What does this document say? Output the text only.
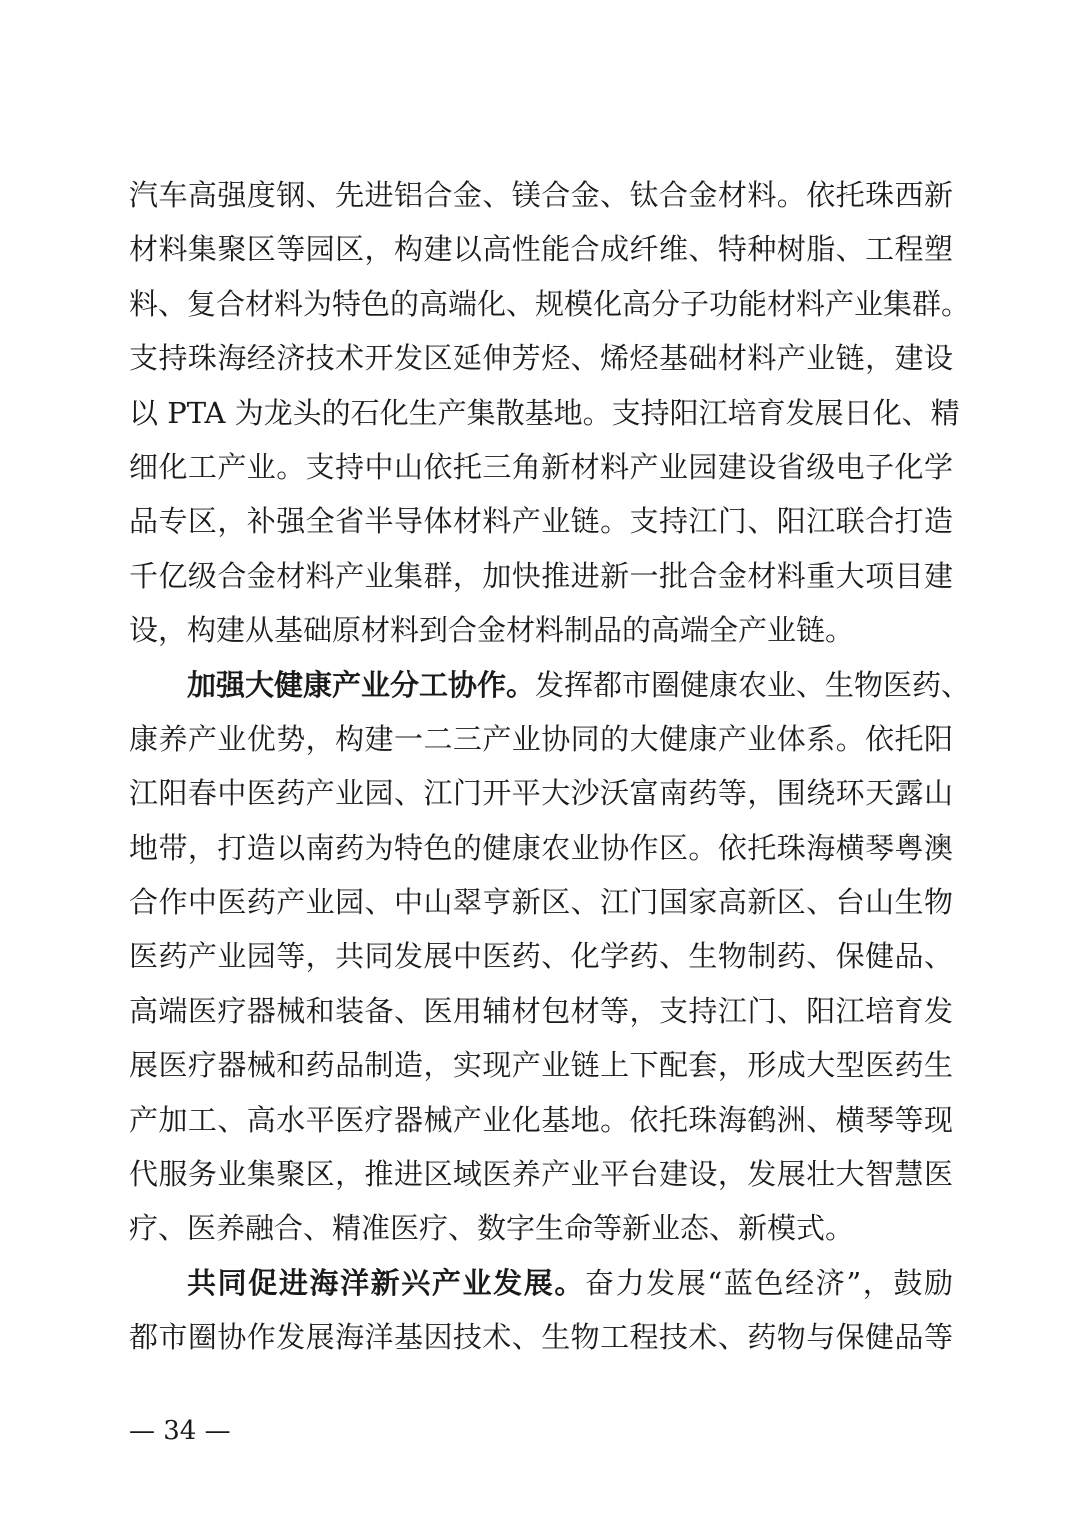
汽车高强度钢、先进铝合金、镁合金、钛合金材料。依托珠西新
材料集聚区等园区，构建以高性能合成纤维、特种树脂、工程塑
料、复合材料为特色的高端化、规模化高分子功能材料产业集群。
支持珠海经济技术开发区延伸芳烃、烯烃基础材料产业链，建设
以 PTA 为龙头的石化生产集散基地。支持阳江培育发展日化、精
细化工产业。支持中山依托三角新材料产业园建设省级电子化学
品专区，补强全省半导体材料产业链。支持江门、阳江联合打造
千亿级合金材料产业集群，加快推进新一批合金材料重大项目建
设，构建从基础原材料到合金材料制品的高端全产业链。
加强大健康产业分工协作。发挥都市圈健康农业、生物医药、
康养产业优势，构建一二三产业协同的大健康产业体系。依托阳
江阳春中医药产业园、江门开平大沙沃富南药等，围绕环天露山
地带，打造以南药为特色的健康农业协作区。依托珠海横琴粤澳
合作中医药产业园、中山翠亨新区、江门国家高新区、台山生物
医药产业园等，共同发展中医药、化学药、生物制药、保健品、
高端医疗器械和装备、医用辅材包材等，支持江门、阳江培育发
展医疗器械和药品制造，实现产业链上下配套，形成大型医药生
产加工、高水平医疗器械产业化基地。依托珠海鹤洲、横琴等现
代服务业集聚区，推进区域医养产业平台建设，发展壮大智慧医
疗、医养融合、精准医疗、数字生命等新业态、新模式。
共同促进海洋新兴产业发展。奋力发展“蓝色经济”，鼓励
都市圈协作发展海洋基因技术、生物工程技术、药物与保健品等
— 34 —
